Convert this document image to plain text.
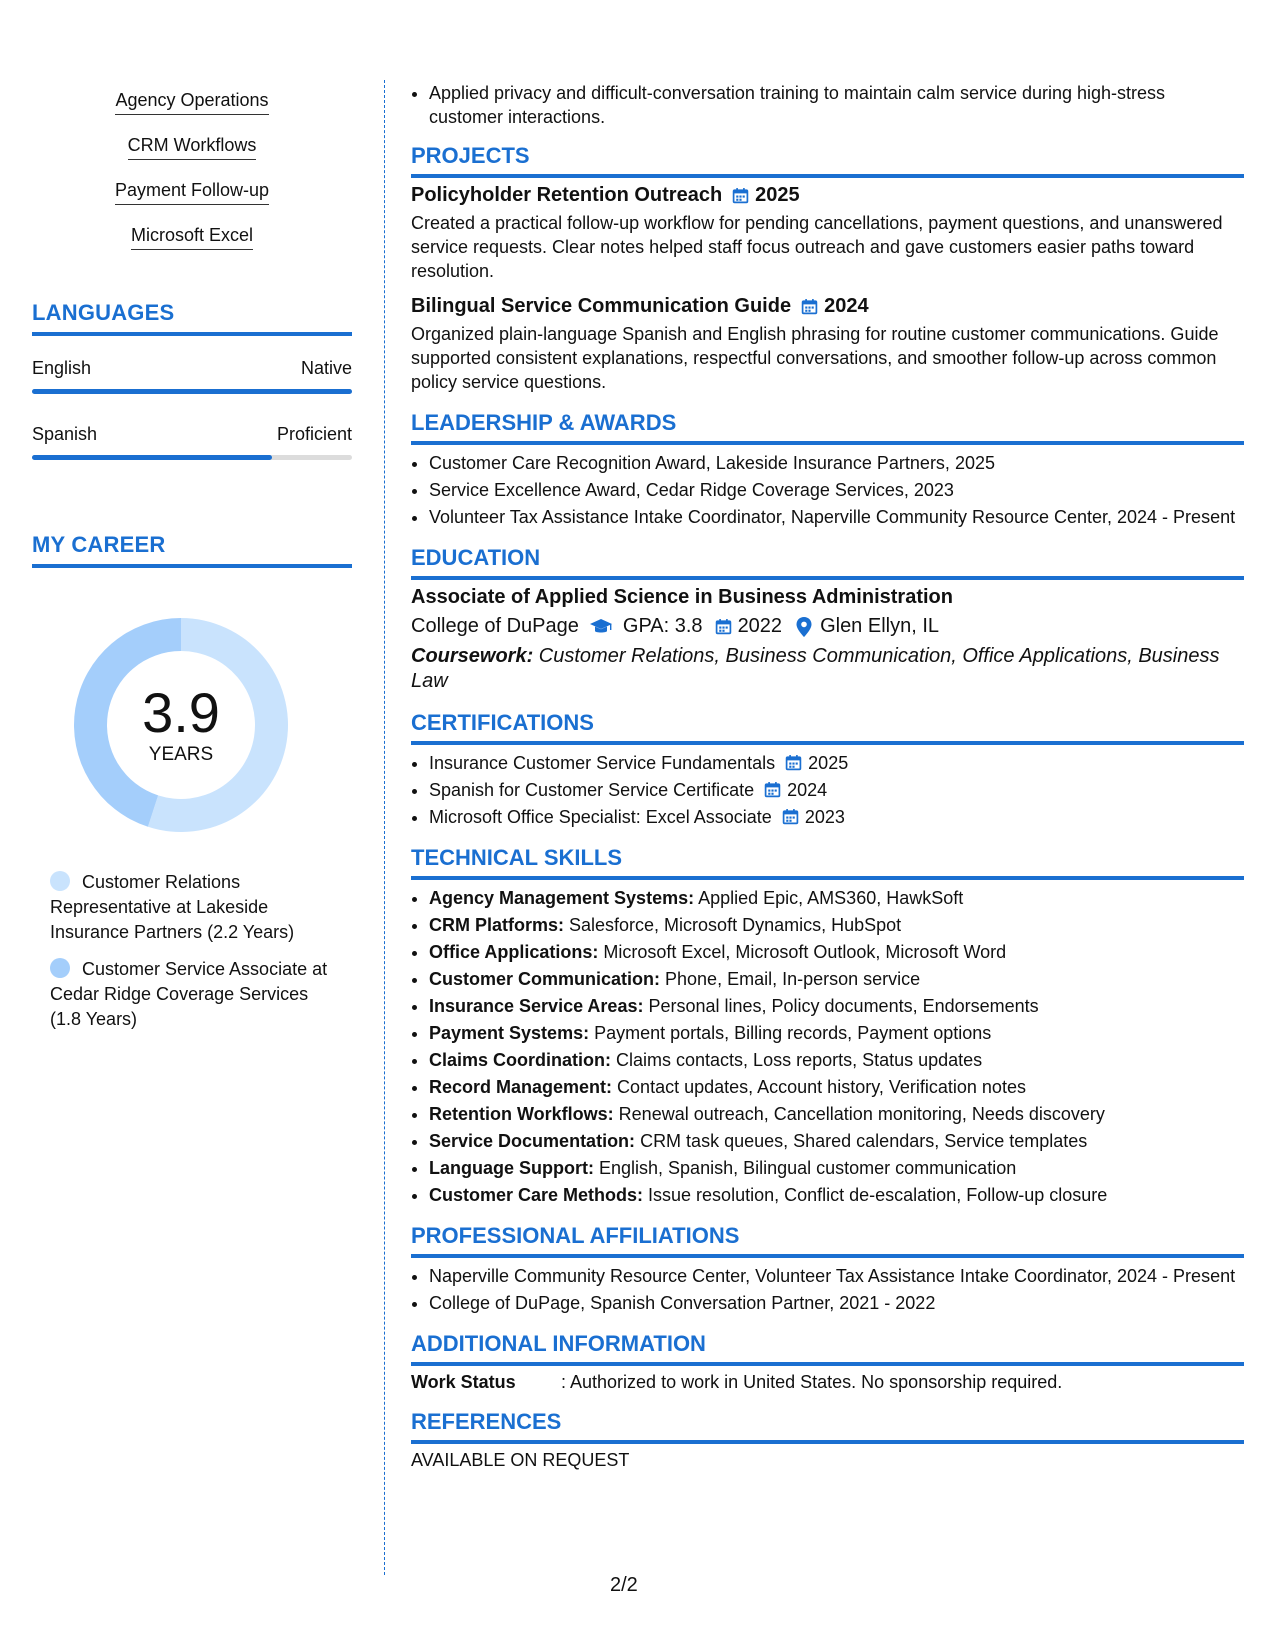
Agency Operations
CRM Workflows
Payment Follow-up
Microsoft Excel
LANGUAGES
English	Native
Spanish	Proficient
MY CAREER
3.9
YEARS
Customer Relations Representative at Lakeside Insurance Partners (2.2 Years)
Customer Service Associate at Cedar Ridge Coverage Services (1.8 Years)
• Applied privacy and difficult-conversation training to maintain calm service during high-stress customer interactions.
PROJECTS
Policyholder Retention Outreach 2025
Created a practical follow-up workflow for pending cancellations, payment questions, and unanswered service requests. Clear notes helped staff focus outreach and gave customers easier paths toward resolution.
Bilingual Service Communication Guide 2024
Organized plain-language Spanish and English phrasing for routine customer communications. Guide supported consistent explanations, respectful conversations, and smoother follow-up across common policy service questions.
LEADERSHIP & AWARDS
• Customer Care Recognition Award, Lakeside Insurance Partners, 2025
• Service Excellence Award, Cedar Ridge Coverage Services, 2023
• Volunteer Tax Assistance Intake Coordinator, Naperville Community Resource Center, 2024 - Present
EDUCATION
Associate of Applied Science in Business Administration
College of DuPage GPA: 3.8 2022 Glen Ellyn, IL
Coursework: Customer Relations, Business Communication, Office Applications, Business Law
CERTIFICATIONS
• Insurance Customer Service Fundamentals 2025
• Spanish for Customer Service Certificate 2024
• Microsoft Office Specialist: Excel Associate 2023
TECHNICAL SKILLS
• Agency Management Systems: Applied Epic, AMS360, HawkSoft
• CRM Platforms: Salesforce, Microsoft Dynamics, HubSpot
• Office Applications: Microsoft Excel, Microsoft Outlook, Microsoft Word
• Customer Communication: Phone, Email, In-person service
• Insurance Service Areas: Personal lines, Policy documents, Endorsements
• Payment Systems: Payment portals, Billing records, Payment options
• Claims Coordination: Claims contacts, Loss reports, Status updates
• Record Management: Contact updates, Account history, Verification notes
• Retention Workflows: Renewal outreach, Cancellation monitoring, Needs discovery
• Service Documentation: CRM task queues, Shared calendars, Service templates
• Language Support: English, Spanish, Bilingual customer communication
• Customer Care Methods: Issue resolution, Conflict de-escalation, Follow-up closure
PROFESSIONAL AFFILIATIONS
• Naperville Community Resource Center, Volunteer Tax Assistance Intake Coordinator, 2024 - Present
• College of DuPage, Spanish Conversation Partner, 2021 - 2022
ADDITIONAL INFORMATION
Work Status	: Authorized to work in United States. No sponsorship required.
REFERENCES
AVAILABLE ON REQUEST
2/2
